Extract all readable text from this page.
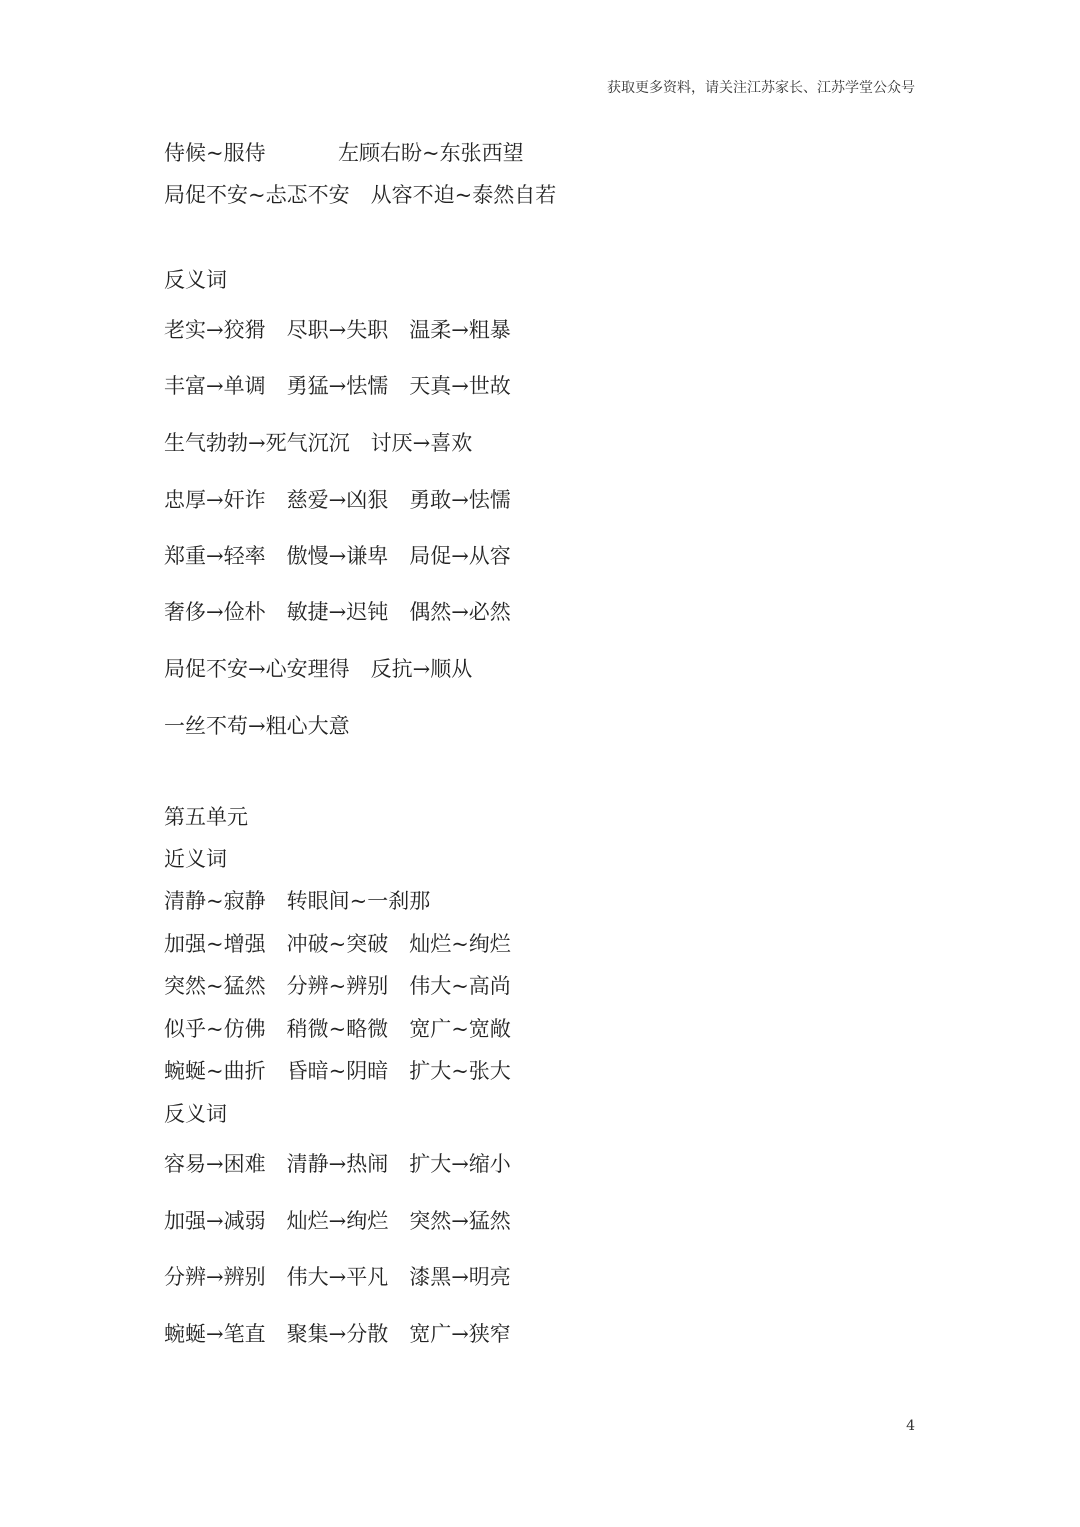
获取更多资料，请关注江苏家长、江苏学堂公众号
侍候~服侍	左顾右盼~东张西望
局促不安~忐忑不安　从容不迫~泰然自若
反义词
老实→狡猾　尽职→失职　温柔→粗暴
丰富→单调　勇猛→怯懦　天真→世故
生气勃勃→死气沉沉　讨厌→喜欢
忠厚→奸诈　慈爱→凶狠　勇敢→怯懦
郑重→轻率　傲慢→谦卑　局促→从容
奢侈→俭朴　敏捷→迟钝　偶然→必然
局促不安→心安理得　反抗→顺从
一丝不苟→粗心大意
第五单元
近义词
清静~寂静　转眼间~一刹那
加强~增强　冲破~突破　灿烂~绚烂
突然~猛然　分辨~辨别　伟大~高尚
似乎~仿佛　稍微~略微　宽广~宽敞
蜿蜒~曲折　昏暗~阴暗　扩大~张大
反义词
容易→困难　清静→热闹　扩大→缩小
加强→减弱　灿烂→绚烂　突然→猛然
分辨→辨别　伟大→平凡　漆黑→明亮
蜿蜒→笔直　聚集→分散　宽广→狭窄
4
